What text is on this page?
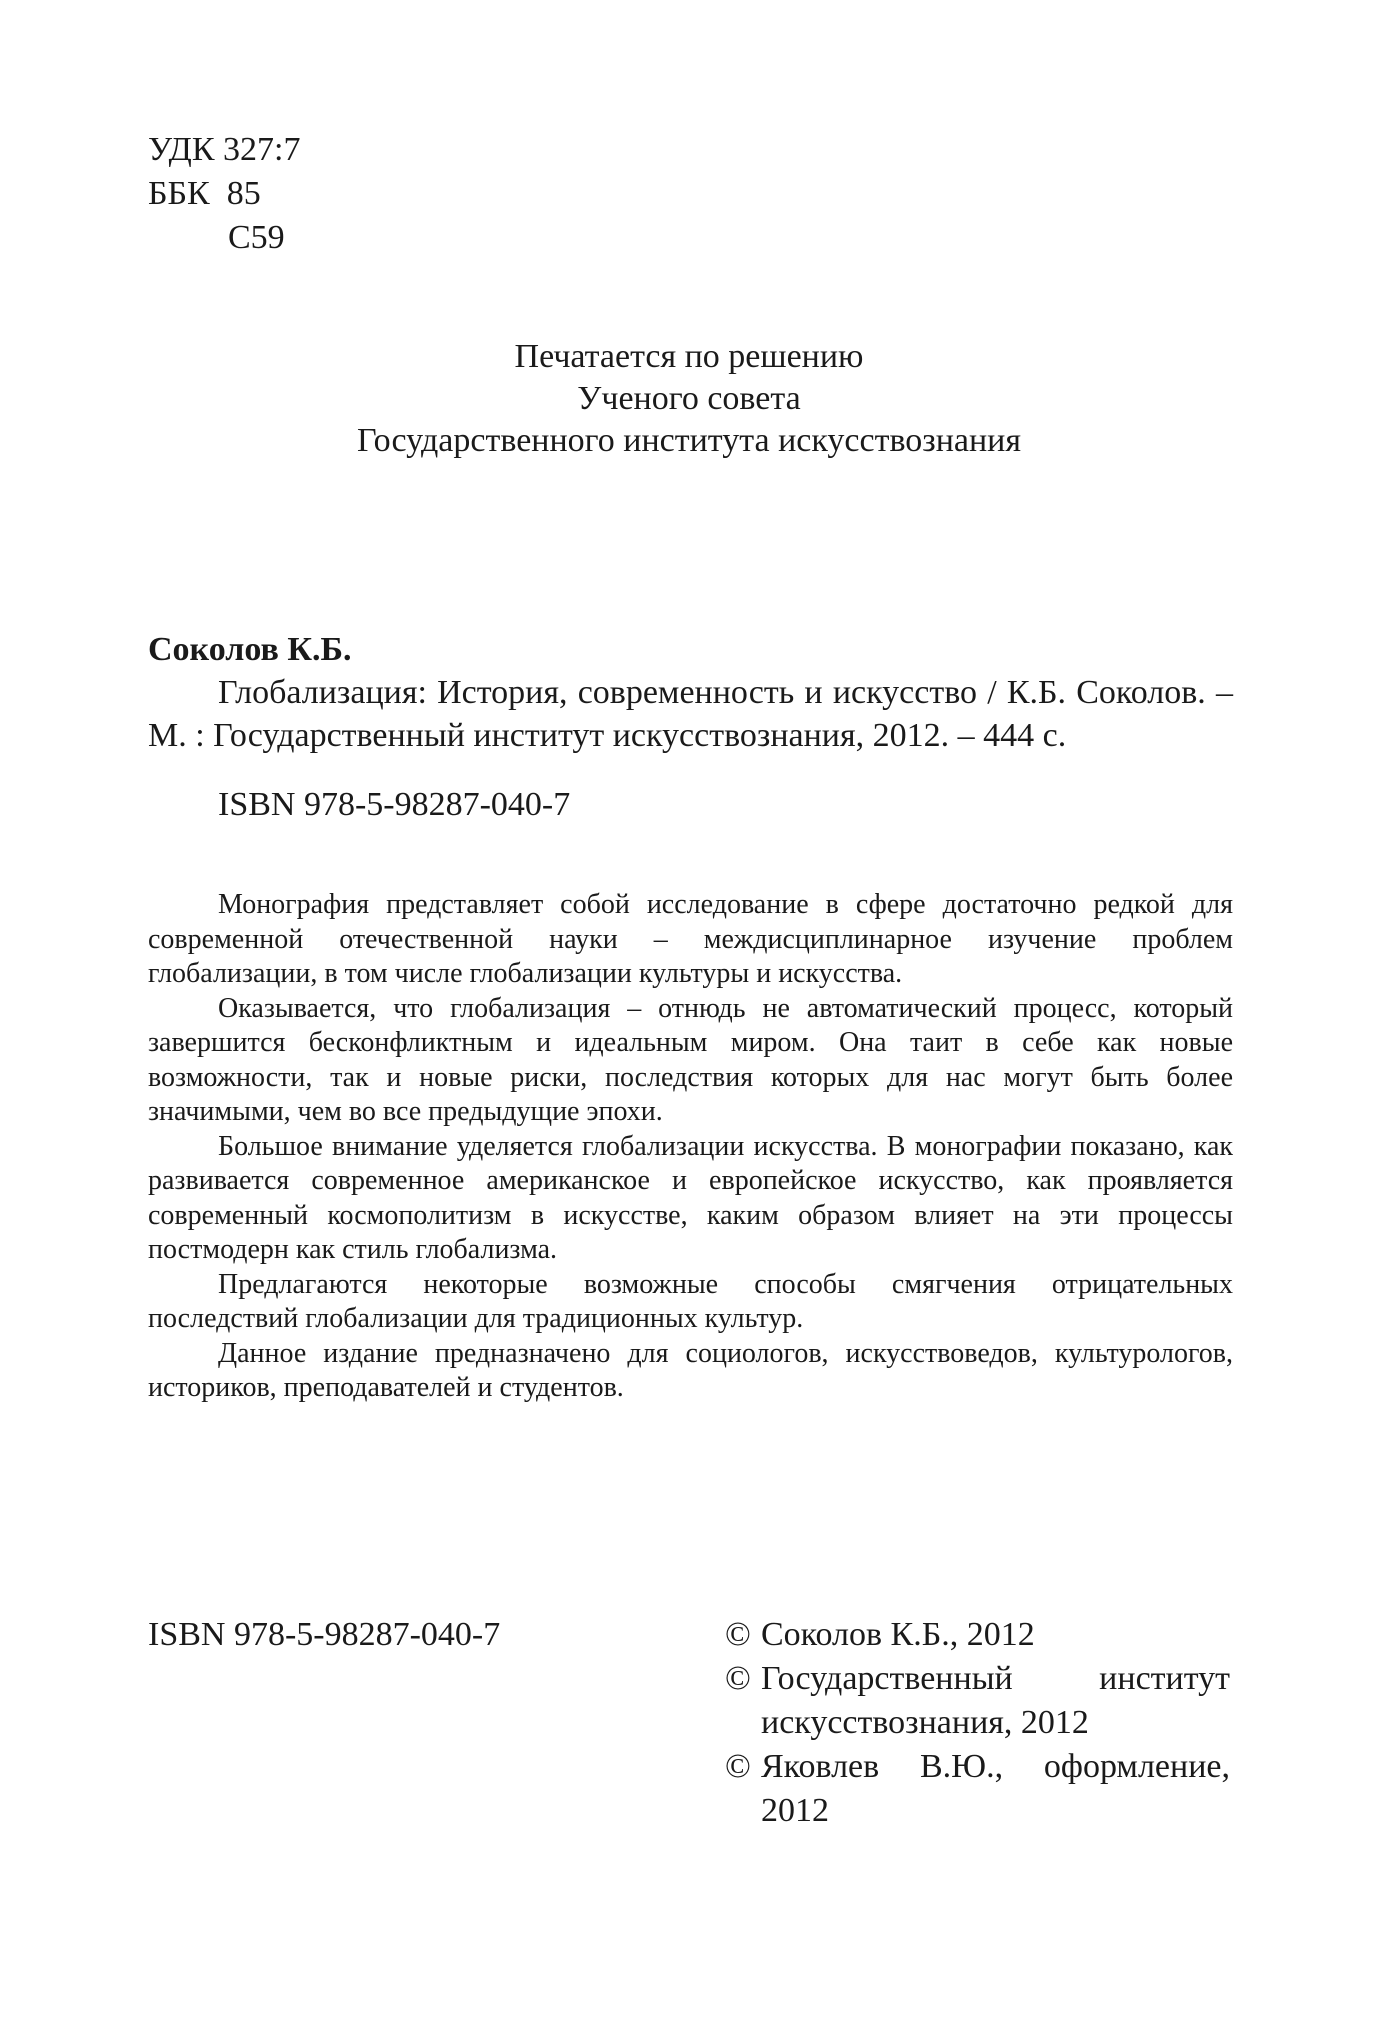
УДК 327:7
ББК  85
С59
Печатается по решению
Ученого совета
Государственного института искусствознания

Соколов К.Б.

Глобализация: История, современность и искусство / К.Б. Соколов. – М. : Государственный институт искусствознания, 2012. – 444 с.

ISBN 978-5-98287-040-7

Монография представляет собой исследование в сфере достаточно редкой для современной отечественной науки – междисциплинарное изучение проблем глобализации, в том числе глобализации культуры и искусства.

Оказывается, что глобализация – отнюдь не автоматический процесс, который завершится бесконфликтным и идеальным миром. Она таит в себе как новые возможности, так и новые риски, последствия которых для нас могут быть более значимыми, чем во все предыдущие эпохи.

Большое внимание уделяется глобализации искусства. В монографии показано, как развивается современное американское и европейское искусство, как проявляется современный космополитизм в искусстве, каким образом влияет на эти процессы постмодерн как стиль глобализма.

Предлагаются некоторые возможные способы смягчения отрицательных последствий глобализации для традиционных культур.

Данное издание предназначено для социологов, искусствоведов, культурологов, историков, преподавателей и студентов.

ISBN 978-5-98287-040-7	© Соколов К.Б., 2012
© Государственный институт искусствознания, 2012
© Яковлев В.Ю., оформление, 2012
